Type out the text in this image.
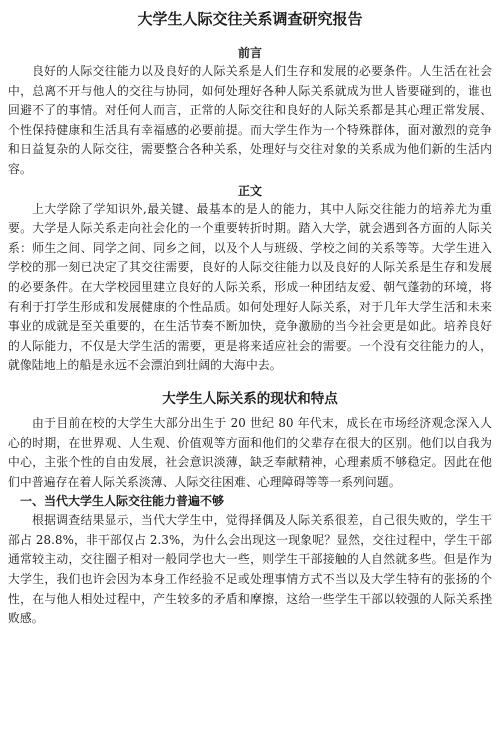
大学生人际交往关系调查研究报告
前言

良好的人际交往能力以及良好的人际关系是人们生存和发展的必要条件。人生活在社会中，总离不开与他人的交往与协同，如何处理好各种人际关系就成为世人皆要碰到的，谁也回避不了的事情。对任何人而言，正常的人际交往和良好的人际关系都是其心理正常发展、个性保持健康和生活具有幸福感的必要前提。而大学生作为一个特殊群体，面对激烈的竞争和日益复杂的人际交往，需要整合各种关系，处理好与交往对象的关系成为他们新的生活内容。

正文

上大学除了学知识外,最关键、最基本的是人的能力，其中人际交往能力的培养尤为重要。大学是人际关系走向社会化的一个重要转折时期。踏入大学，就会遇到各方面的人际关系：师生之间、同学之间、同乡之间，以及个人与班级、学校之间的关系等等。大学生进入学校的那一刻已决定了其交往需要，良好的人际交往能力以及良好的人际关系是生存和发展的必要条件。在大学校园里建立良好的人际关系，形成一种团结友爱、朝气蓬勃的环境，将有利于打学生形成和发展健康的个性品质。如何处理好人际关系，对于几年大学生活和未来事业的成就是至关重要的，在生活节奏不断加快，竞争激励的当今社会更是如此。培养良好的人际能力，不仅是大学生活的需要，更是将来适应社会的需要。一个没有交往能力的人，就像陆地上的船是永远不会漂泊到壮阔的大海中去。

大学生人际关系的现状和特点

由于目前在校的大学生大部分出生于 20 世纪 80 年代末，成长在市场经济观念深入人心的时期，在世界观、人生观、价值观等方面和他们的父辈存在很大的区别。他们以自我为中心，主张个性的自由发展，社会意识淡薄，缺乏奉献精神，心理素质不够稳定。因此在他们中普遍存在着人际关系淡薄、人际交往困难、心理障碍等等一系列问题。

一、当代大学生人际交往能力普遍不够

根据调查结果显示，当代大学生中，觉得择偶及人际关系很差，自己很失败的，学生干部占 28.8%，非干部仅占 2.3%，为什么会出现这一现象呢？显然，交往过程中，学生干部通常较主动，交往圈子相对一般同学也大一些，则学生干部接触的人自然就多些。但是作为大学生，我们也许会因为本身工作经验不足或处理事情方式不当以及大学生特有的张扬的个性，在与他人相处过程中，产生较多的矛盾和摩擦，这给一些学生干部以较强的人际关系挫败感。
